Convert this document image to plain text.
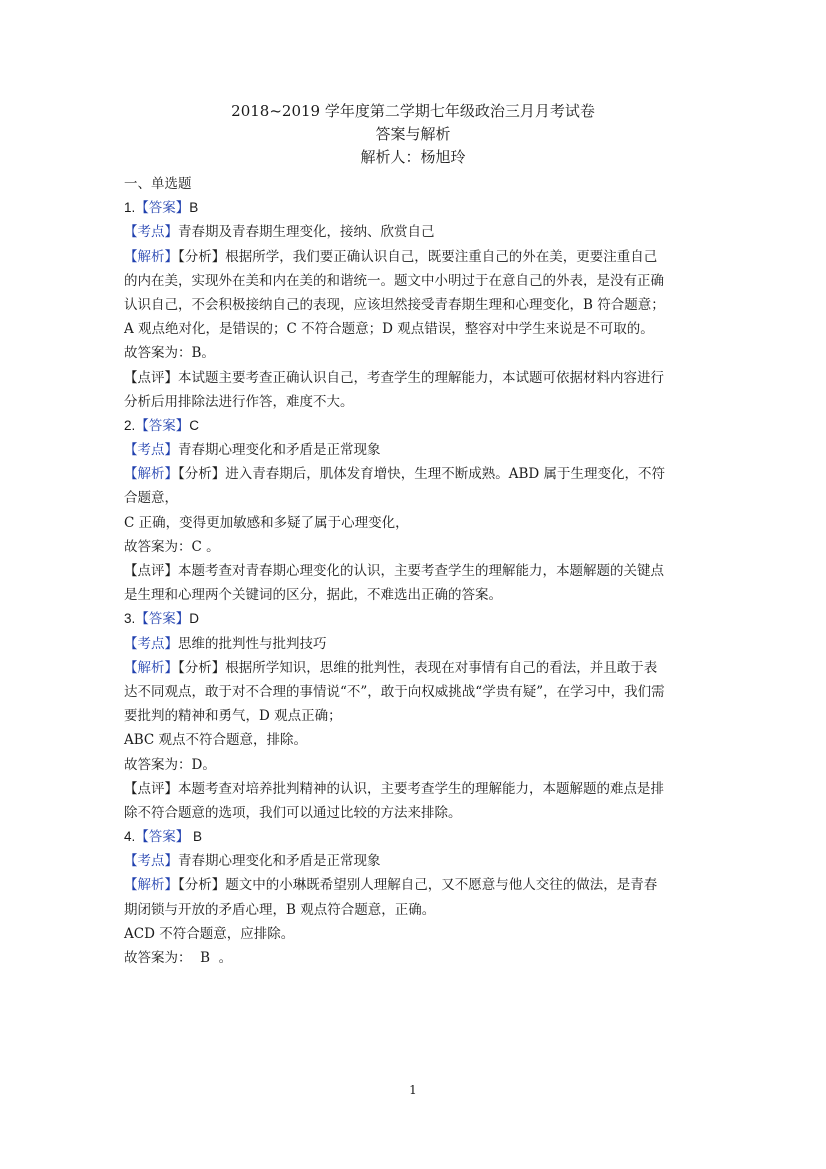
2018~2019 学年度第二学期七年级政治三月月考试卷
答案与解析
解析人：杨旭玲
一、单选题
1.【答案】B
【考点】青春期及青春期生理变化，接纳、欣赏自己
【解析】【分析】根据所学，我们要正确认识自己，既要注重自己的外在美，更要注重自己
的内在美，实现外在美和内在美的和谐统一。题文中小明过于在意自己的外表，是没有正确
认识自己，不会积极接纳自己的表现，应该坦然接受青春期生理和心理变化，B 符合题意；
A 观点绝对化，是错误的；C 不符合题意；D 观点错误，整容对中学生来说是不可取的。
故答案为：B。
【点评】本试题主要考查正确认识自己，考查学生的理解能力，本试题可依据材料内容进行
分析后用排除法进行作答，难度不大。
2.【答案】C
【考点】青春期心理变化和矛盾是正常现象
【解析】【分析】进入青春期后，肌体发育增快，生理不断成熟。ABD 属于生理变化，不符
合题意，
C 正确，变得更加敏感和多疑了属于心理变化，
故答案为：C 。
【点评】本题考查对青春期心理变化的认识，主要考查学生的理解能力，本题解题的关键点
是生理和心理两个关键词的区分，据此，不难选出正确的答案。
3.【答案】D
【考点】思维的批判性与批判技巧
【解析】【分析】根据所学知识，思维的批判性，表现在对事情有自己的看法，并且敢于表
达不同观点，敢于对不合理的事情说“不”，敢于向权威挑战“学贵有疑”，在学习中，我们需
要批判的精神和勇气，D 观点正确；
ABC 观点不符合题意，排除。
故答案为：D。
【点评】本题考查对培养批判精神的认识，主要考查学生的理解能力，本题解题的难点是排
除不符合题意的选项，我们可以通过比较的方法来排除。
4.【答案】 B
【考点】青春期心理变化和矛盾是正常现象
【解析】【分析】题文中的小琳既希望别人理解自己，又不愿意与他人交往的做法，是青春
期闭锁与开放的矛盾心理，B 观点符合题意，正确。
ACD 不符合题意，应排除。
故答案为：  B  。
1
